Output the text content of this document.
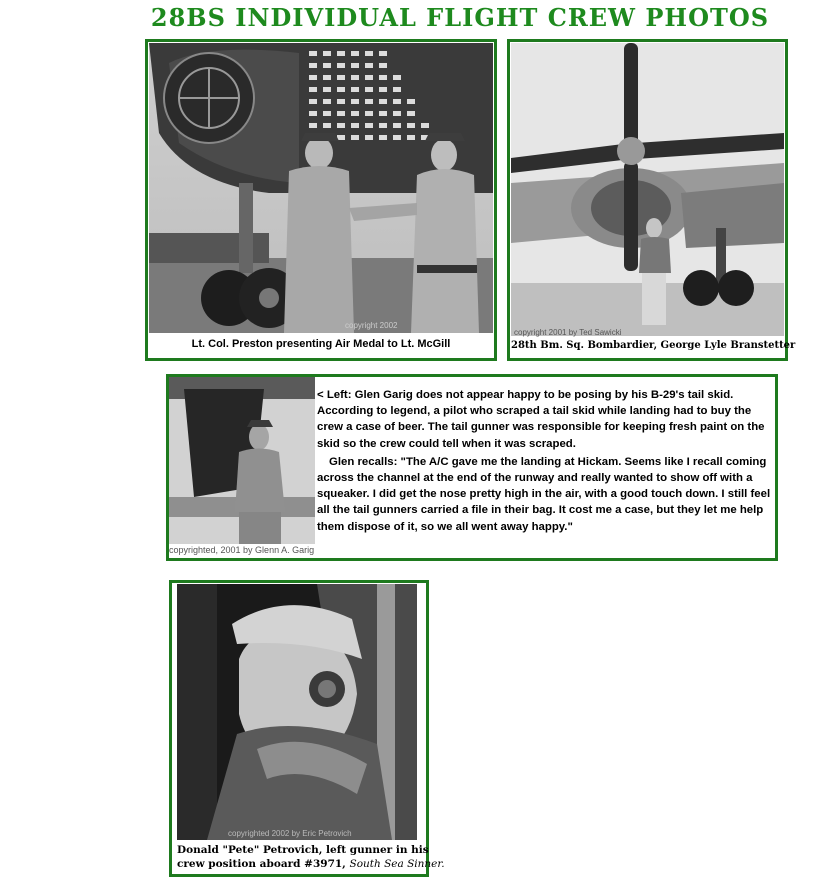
28BS INDIVIDUAL FLIGHT CREW PHOTOS
copyright 2002
Lt. Col. Preston presenting Air Medal to Lt. McGill
copyright 2001 by Ted Sawicki
28th Bm. Sq. Bombardier, George Lyle Branstetter
copyrighted, 2001 by Glenn A. Garig

< Left: Glen Garig does not appear happy to be posing by his B-29's tail skid. According to legend, a pilot who scraped a tail skid while landing had to buy the crew a case of beer. The tail gunner was responsible for keeping fresh paint on the skid so the crew could tell when it was scraped.

Glen recalls: "The A/C gave me the landing at Hickam. Seems like I recall coming across the channel at the end of the runway and really wanted to show off with a squeaker. I did get the nose pretty high in the air, with a good touch down. I still feel all the tail gunners carried a file in their bag. It cost me a case, but they let me help them dispose of it, so we all went away happy."

copyrighted 2002 by Eric Petrovich
Donald "Pete" Petrovich, left gunner in his
crew position aboard #3971, South Sea Sinner.
